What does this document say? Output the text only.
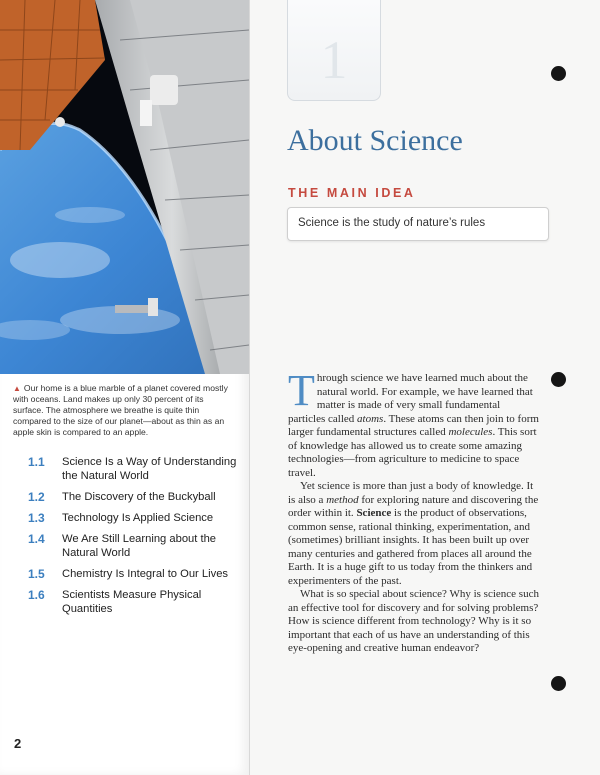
▲ Our home is a blue marble of a planet covered mostly with oceans. Land makes up only 30 percent of its surface. The atmosphere we breathe is quite thin compared to the size of our planet—about as thin as an apple skin is compared to an apple.
1.1	Science Is a Way of Understanding the Natural World
1.2	The Discovery of the Buckyball
1.3	Technology Is Applied Science
1.4	We Are Still Learning about the Natural World
1.5	Chemistry Is Integral to Our Lives
1.6	Scientists Measure Physical Quantities
2
1
About Science
THE MAIN IDEA
Science is the study of nature’s rules

Through science we have learned much about the natural world. For example, we have learned that matter is made of very small fundamental particles called atoms. These atoms can then join to form larger fundamental structures called molecules. This sort of knowledge has allowed us to create some amazing technologies—from agriculture to medicine to space travel.

Yet science is more than just a body of knowledge. It is also a method for exploring nature and discovering the order within it. Science is the product of observations, common sense, rational thinking, experimentation, and (sometimes) brilliant insights. It has been built up over many centuries and gathered from places all around the Earth. It is a huge gift to us today from the thinkers and experimenters of the past.

What is so special about science? Why is science such an effective tool for discovery and for solving problems? How is science different from technology? Why is it so important that each of us have an understanding of this eye-opening and creative human endeavor?
